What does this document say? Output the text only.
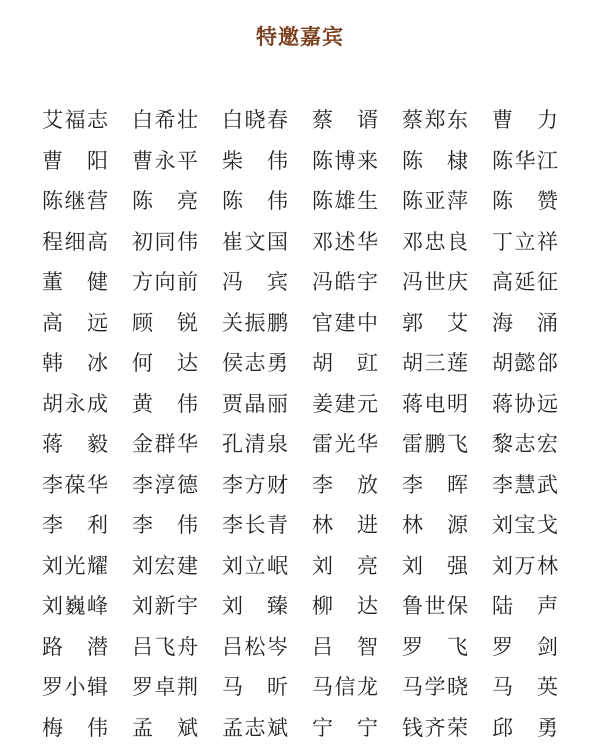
特邀嘉宾
艾 福 志 白 希 壮 白 晓 春 蔡 谞 蔡 郑 东 曹 力
曹 阳 曹 永 平 柴 伟 陈 博 来 陈 棣 陈 华 江
陈 继 营 陈 亮 陈 伟 陈 雄 生 陈 亚 萍 陈 赞
程 细 高 初 同 伟 崔 文 国 邓 述 华 邓 忠 良 丁 立 祥
董 健 方 向 前 冯 宾 冯 皓 宇 冯 世 庆 高 延 征
高 远 顾 锐 关 振 鹏 官 建 中 郭 艾 海 涌
韩 冰 何 达 侯 志 勇 胡 豇 胡 三 莲 胡 懿 郃
胡 永 成 黄 伟 贾 晶 丽 姜 建 元 蒋 电 明 蒋 协 远
蒋 毅 金 群 华 孔 清 泉 雷 光 华 雷 鹏 飞 黎 志 宏
李 葆 华 李 淳 德 李 方 财 李 放 李 晖 李 慧 武
李 利 李 伟 李 长 青 林 进 林 源 刘 宝 戈
刘 光 耀 刘 宏 建 刘 立 岷 刘 亮 刘 强 刘 万 林
刘 巍 峰 刘 新 宇 刘 臻 柳 达 鲁 世 保 陆 声
路 潜 吕 飞 舟 吕 松 岑 吕 智 罗 飞 罗 剑
罗 小 辑 罗 卓 荆 马 昕 马 信 龙 马 学 晓 马 英
梅 伟 孟 斌 孟 志 斌 宁 宁 钱 齐 荣 邱 勇
